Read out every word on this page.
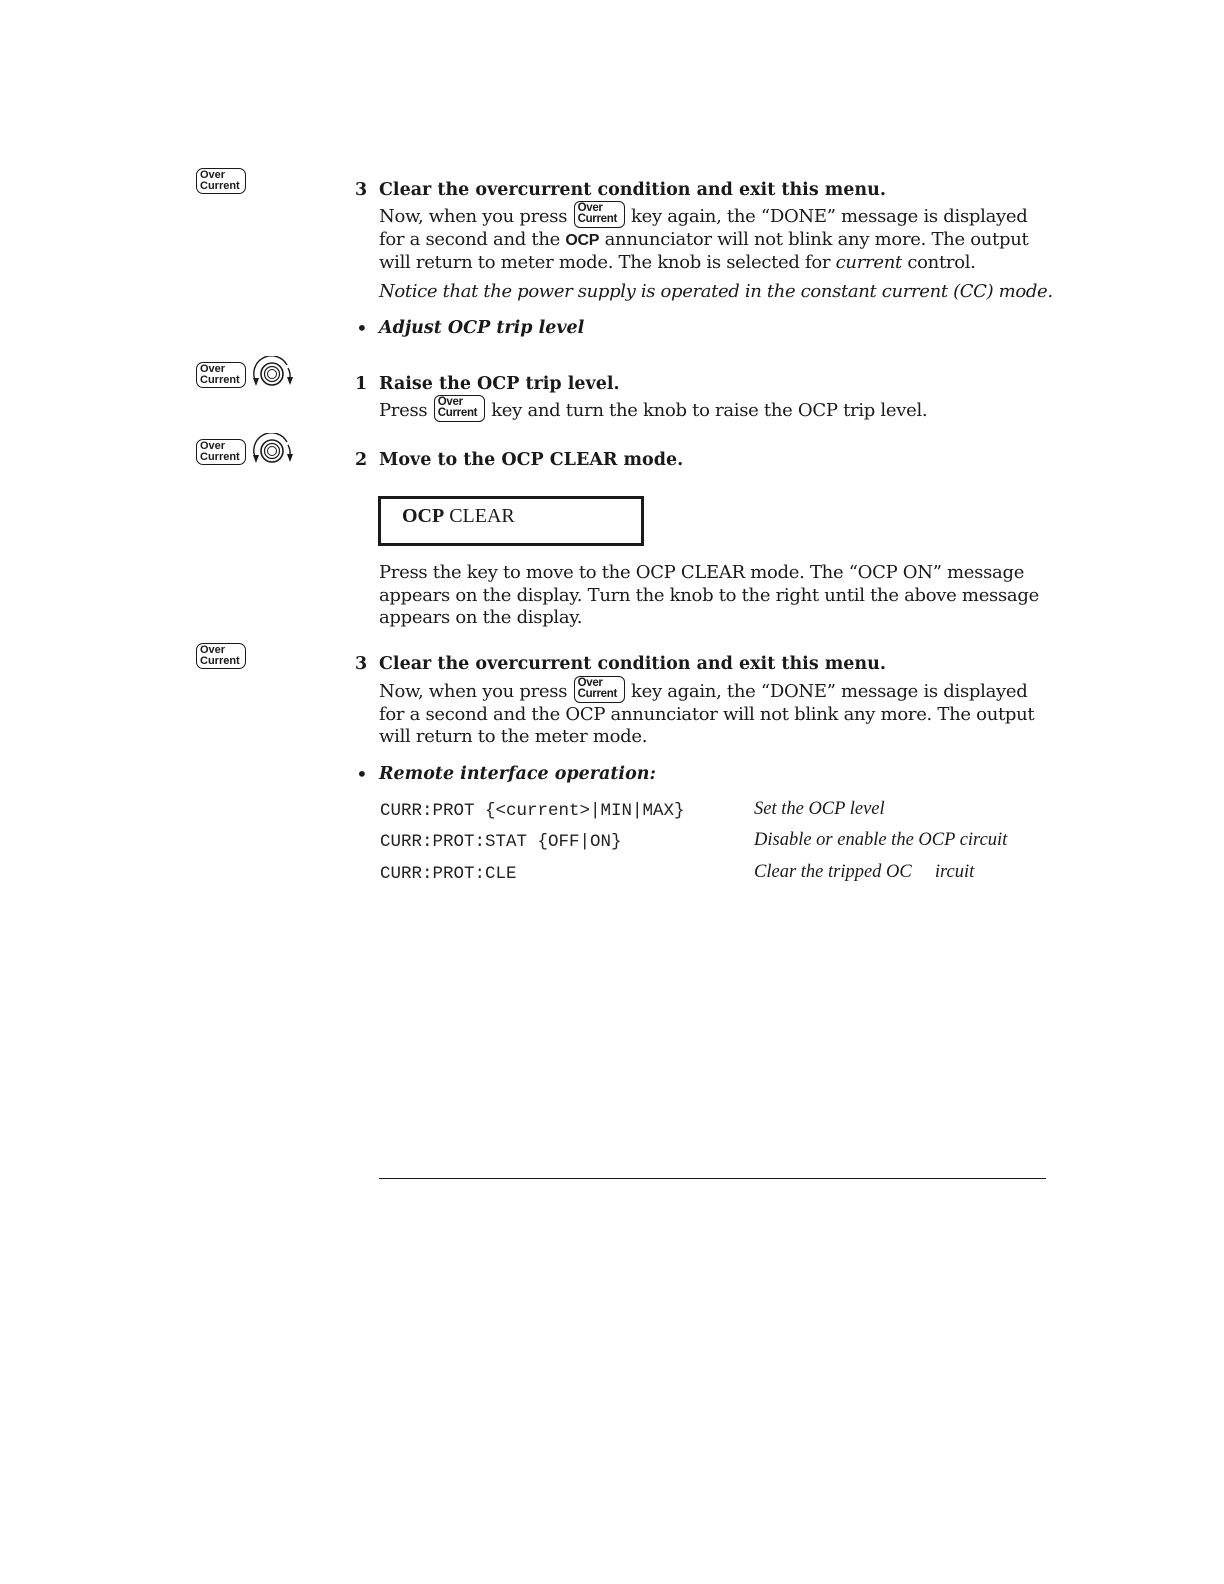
Over
Current
Over
Current
Over
Current
Over
Current
3 Clear the overcurrent condition and exit this menu.
Now, when you press Over
Current key again, the “DONE” message is displayed for a second and the OCP annunciator will not blink any more. The output will return to meter mode. The knob is selected for current control.
Notice that the power supply is operated in the constant current (CC) mode.
• Adjust OCP trip level
1 Raise the OCP trip level.
Press Over
Current key and turn the knob to raise the OCP trip level.
2 Move to the OCP CLEAR mode.
OCP CLEAR
Press the key to move to the OCP CLEAR mode. The “OCP ON” message appears on the display. Turn the knob to the right until the above message appears on the display.
3 Clear the overcurrent condition and exit this menu.
Now, when you press Over
Current key again, the “DONE” message is displayed for a second and the OCP annunciator will not blink any more. The output will return to the meter mode.
• Remote interface operation:
CURR:PROT {<current>|MIN|MAX}	Set the OCP level
CURR:PROT:STAT {OFF|ON}	Disable or enable the OCP circuit
CURR:PROT:CLE	Clear the tripped OC     ircuit
